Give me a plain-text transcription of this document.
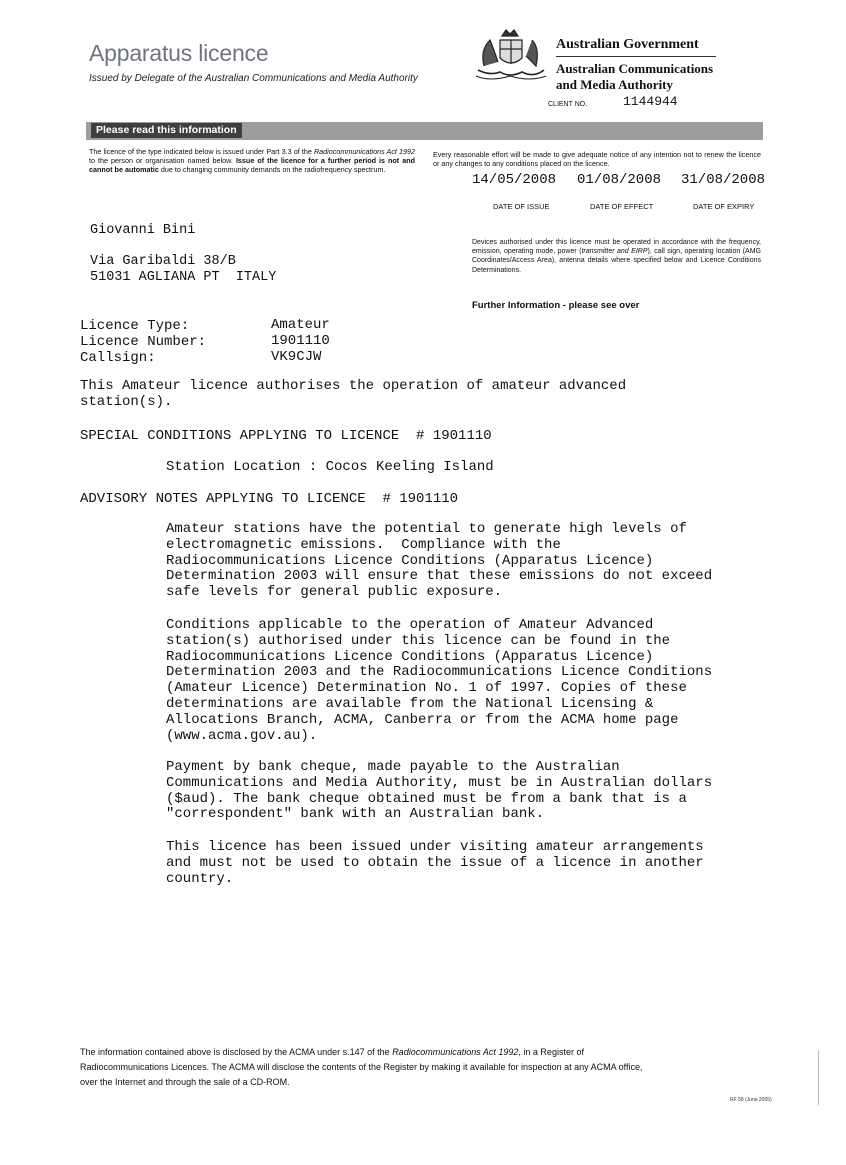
Apparatus licence
Issued by Delegate of the Australian Communications and Media Authority
Australian Government
Australian Communications
and Media Authority
CLIENT NO.	1144944
Please read this information
The licence of the type indicated below is issued under Part 3.3 of the Radiocommunications Act 1992 to the person or organisation named below. Issue of the licence for a further period is not and cannot be automatic due to changing community demands on the radiofrequency spectrum.
Every reasonable effort will be made to give adequate notice of any intention not to renew the licence or any changes to any conditions placed on the licence.
14/05/2008 01/08/2008 31/08/2008
DATE OF ISSUE	DATE OF EFFECT	DATE OF EXPIRY
Devices authorised under this licence must be operated in accordance with the frequency, emission, operating mode, power (transmitter and EIRP), call sign, operating location (AMG Coordinates/Access Area), antenna details where specified below and Licence Conditions Determinations.
Further Information - please see over
Giovanni Bini
Via Garibaldi 38/B
51031 AGLIANA PT  ITALY
Licence Type:	Amateur
Licence Number:	1901110
Callsign:	VK9CJW
This Amateur licence authorises the operation of amateur advanced
station(s).
SPECIAL CONDITIONS APPLYING TO LICENCE  # 1901110
Station Location : Cocos Keeling Island
ADVISORY NOTES APPLYING TO LICENCE  # 1901110
Amateur stations have the potential to generate high levels of
electromagnetic emissions.  Compliance with the
Radiocommunications Licence Conditions (Apparatus Licence)
Determination 2003 will ensure that these emissions do not exceed
safe levels for general public exposure.
Conditions applicable to the operation of Amateur Advanced
station(s) authorised under this licence can be found in the
Radiocommunications Licence Conditions (Apparatus Licence)
Determination 2003 and the Radiocommunications Licence Conditions
(Amateur Licence) Determination No. 1 of 1997. Copies of these
determinations are available from the National Licensing &
Allocations Branch, ACMA, Canberra or from the ACMA home page
(www.acma.gov.au).
Payment by bank cheque, made payable to the Australian
Communications and Media Authority, must be in Australian dollars
($aud). The bank cheque obtained must be from a bank that is a
"correspondent" bank with an Australian bank.
This licence has been issued under visiting amateur arrangements
and must not be used to obtain the issue of a licence in another
country.
The information contained above is disclosed by the ACMA under s.147 of the Radiocommunications Act 1992, in a Register of Radiocommunications Licences. The ACMA will disclose the contents of the Register by making it available for inspection at any ACMA office, over the Internet and through the sale of a CD-ROM.
RF 58 (June 2005)
